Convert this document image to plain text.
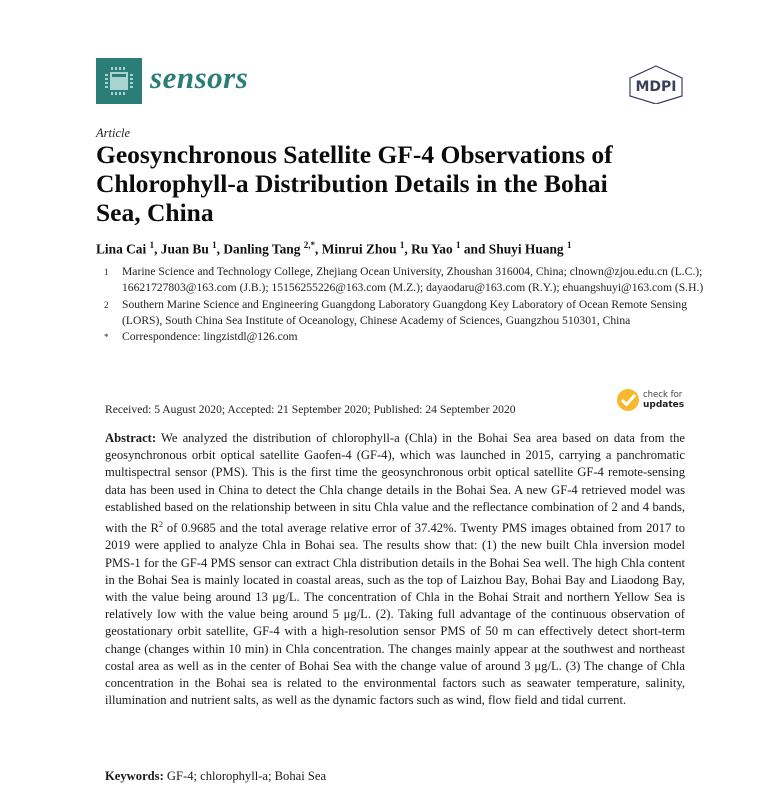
sensors	MDPI
Article
Geosynchronous Satellite GF-4 Observations of Chlorophyll-a Distribution Details in the Bohai Sea, China
Lina Cai $^1$, Juan Bu $^1$, Danling Tang $^{2,*}$, Minrui Zhou $^1$, Ru Yao $^1$ and Shuyi Huang $^1$
1	Marine Science and Technology College, Zhejiang Ocean University, Zhoushan 316004, China; clnown@zjou.edu.cn (L.C.); 16621727803@163.com (J.B.); 15156255226@163.com (M.Z.); dayaodaru@163.com (R.Y.); ehuangshuyi@163.com (S.H.)
2	Southern Marine Science and Engineering Guangdong Laboratory Guangdong Key Laboratory of Ocean Remote Sensing (LORS), South China Sea Institute of Oceanology, Chinese Academy of Sciences, Guangzhou 510301, China
*	Correspondence: lingzistdl@126.com
Received: 5 August 2020; Accepted: 21 September 2020; Published: 24 September 2020
check for
updates
Abstract: We analyzed the distribution of chlorophyll-a (Chla) in the Bohai Sea area based on data from the geosynchronous orbit optical satellite Gaofen-4 (GF-4), which was launched in 2015, carrying a panchromatic multispectral sensor (PMS). This is the first time the geosynchronous orbit optical satellite GF-4 remote-sensing data has been used in China to detect the Chla change details in the Bohai Sea. A new GF-4 retrieved model was established based on the relationship between in situ Chla value and the reflectance combination of 2 and 4 bands, with the $R^2$ of 0.9685 and the total average relative error of 37.42%. Twenty PMS images obtained from 2017 to 2019 were applied to analyze Chla in Bohai sea. The results show that: (1) the new built Chla inversion model PMS-1 for the GF-4 PMS sensor can extract Chla distribution details in the Bohai Sea well. The high Chla content in the Bohai Sea is mainly located in coastal areas, such as the top of Laizhou Bay, Bohai Bay and Liaodong Bay, with the value being around 13 μg/L. The concentration of Chla in the Bohai Strait and northern Yellow Sea is relatively low with the value being around 5 μg/L. (2). Taking full advantage of the continuous observation of geostationary orbit satellite, GF-4 with a high-resolution sensor PMS of 50 m can effectively detect short-term change (changes within 10 min) in Chla concentration. The changes mainly appear at the southwest and northeast costal area as well as in the center of Bohai Sea with the change value of around 3 μg/L. (3) The change of Chla concentration in the Bohai sea is related to the environmental factors such as seawater temperature, salinity, illumination and nutrient salts, as well as the dynamic factors such as wind, flow field and tidal current.
Keywords: GF-4; chlorophyll-a; Bohai Sea
